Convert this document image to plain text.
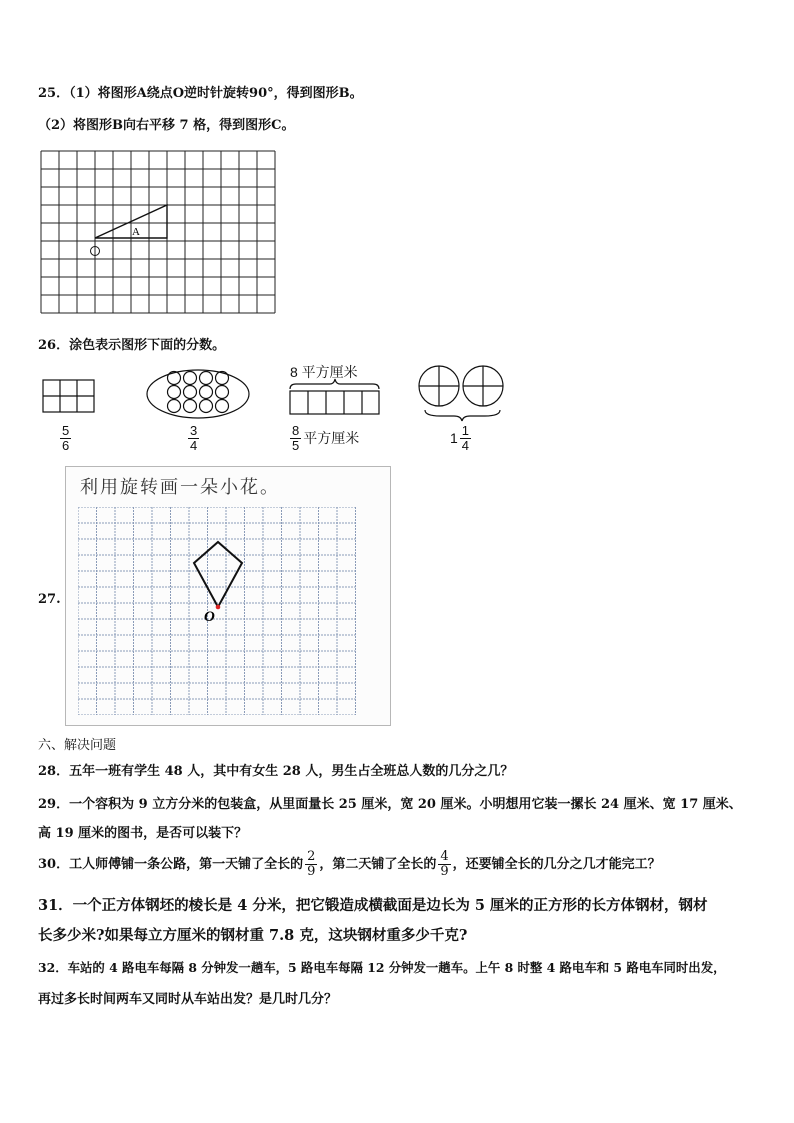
25．（1）将图形A绕点O逆时针旋转90°，得到图形B。
（2）将图形B向右平移 7 格，得到图形C。
A
26．涂色表示图形下面的分数。
8 平方厘米
$\frac{5}{6}$	$\frac{3}{4}$	$\frac{8}{5}$ 平方厘米	$1 \frac{1}{4}$
27.
利用旋转画一朵小花。
O
六、解决问题
28．五年一班有学生 48 人，其中有女生 28 人，男生占全班总人数的几分之几？
29．一个容积为 9 立方分米的包装盒，从里面量长 25 厘米，宽 20 厘米。小明想用它装一摞长 24 厘米、宽 17 厘米、
高 19 厘米的图书，是否可以装下？
30．工人师傅铺一条公路，第一天铺了全长的 $\frac{2}{9}$ ，第二天铺了全长的 $\frac{4}{9}$ ，还要铺全长的几分之几才能完工？
31．一个正方体钢坯的棱长是 4 分米，把它锻造成横截面是边长为 5 厘米的正方形的长方体钢材，钢材
长多少米?如果每立方厘米的钢材重 7.8 克，这块钢材重多少千克?
32．车站的 4 路电车每隔 8 分钟发一趟车，5 路电车每隔 12 分钟发一趟车。上午 8 时整 4 路电车和 5 路电车同时出发，
再过多长时间两车又同时从车站出发？是几时几分？
